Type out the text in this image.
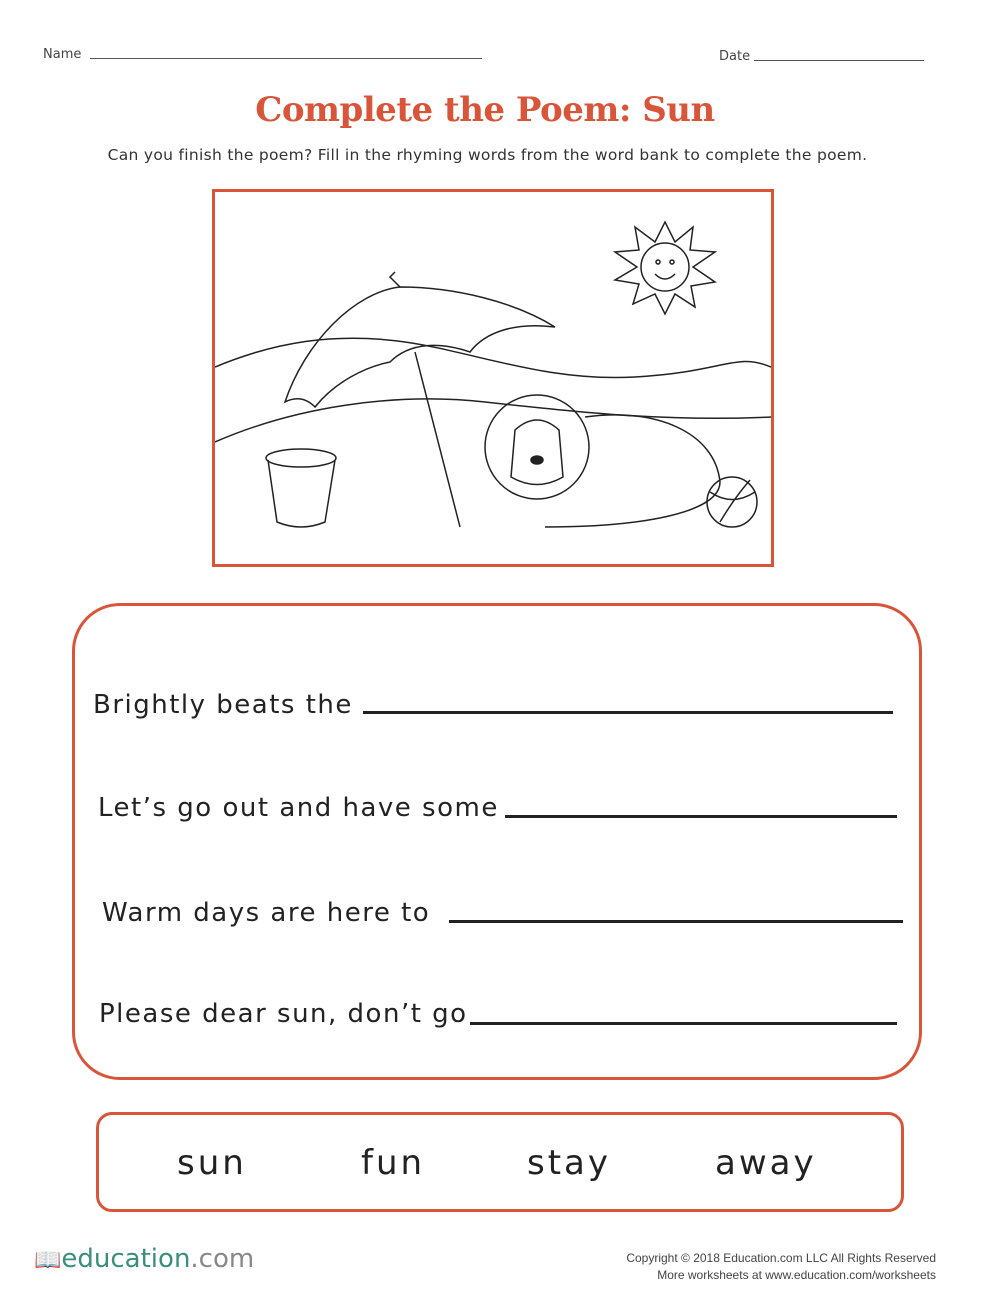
Name	Date
Complete the Poem: Sun
Can you finish the poem? Fill in the rhyming words from the word bank to complete the poem.
Brightly beats the
Let’s go out and have some
Warm days are here to
Please dear sun, don’t go
sun	fun	stay	away
📖education.com	Copyright © 2018 Education.com LLC All Rights Reserved
More worksheets at www.education.com/worksheets
